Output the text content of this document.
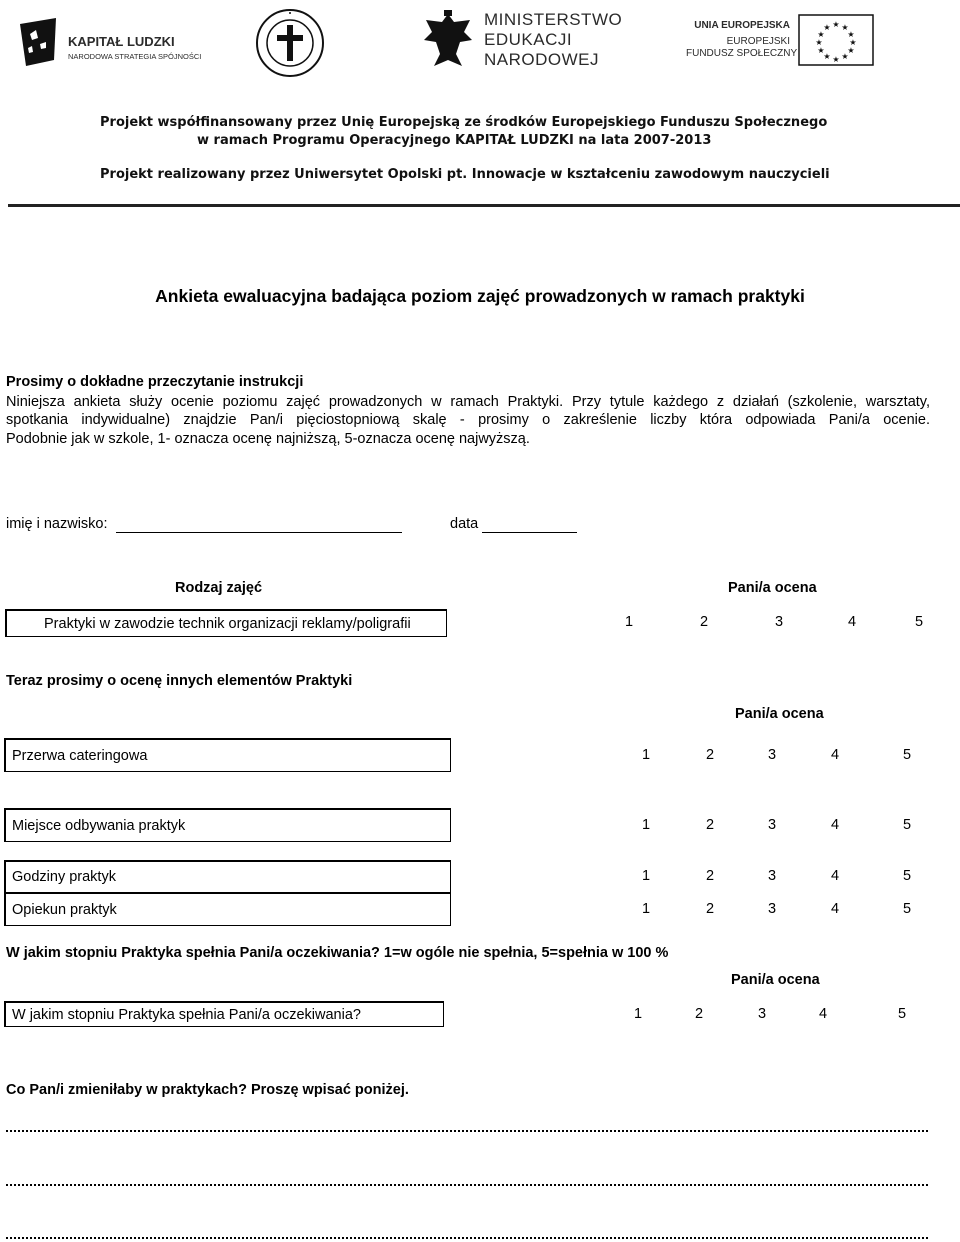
KAPITAŁ LUDZKI
NARODOWA STRATEGIA SPÓJNOŚCI
MINISTERSTWO
EDUKACJI
NARODOWEJ
UNIA EUROPEJSKA
EUROPEJSKI
FUNDUSZ SPOŁECZNY
★ ★
★
★
★
★
★
★
★
★
★
★
Projekt współfinansowany przez Unię Europejską ze środków Europejskiego Funduszu Społecznego
w ramach Programu Operacyjnego KAPITAŁ LUDZKI na lata 2007-2013
Projekt realizowany przez Uniwersytet Opolski pt. Innowacje w kształceniu zawodowym nauczycieli
Ankieta ewaluacyjna badająca poziom zajęć prowadzonych w ramach praktyki
Prosimy o dokładne przeczytanie instrukcji
Niniejsza ankieta służy ocenie poziomu zajęć prowadzonych w ramach Praktyki. Przy tytule każdego z działań (szkolenie, warsztaty,
spotkania indywidualne) znajdzie Pan/i pięciostopniową skalę - prosimy o zakreślenie liczby która odpowiada Pani/a ocenie.
Podobnie jak w szkole, 1- oznacza ocenę najniższą, 5-oznacza ocenę najwyższą.
imię i nazwisko:	data
Rodzaj zajęć	Pani/a ocena
Praktyki w zawodzie technik organizacji reklamy/poligrafii	1	2	3	4	5
Teraz prosimy o ocenę innych elementów Praktyki
Pani/a ocena
Przerwa cateringowa	1	2	3	4	5
Miejsce odbywania praktyk	1	2	3	4	5
Godziny praktyk	1	2	3	4	5
Opiekun praktyk	1	2	3	4	5
W jakim stopniu Praktyka spełnia Pani/a oczekiwania? 1=w ogóle nie spełnia, 5=spełnia w 100 %
Pani/a ocena
W jakim stopniu Praktyka spełnia Pani/a oczekiwania?	1	2	3	4	5
Co Pan/i zmieniłaby w praktykach? Proszę wpisać poniżej.
